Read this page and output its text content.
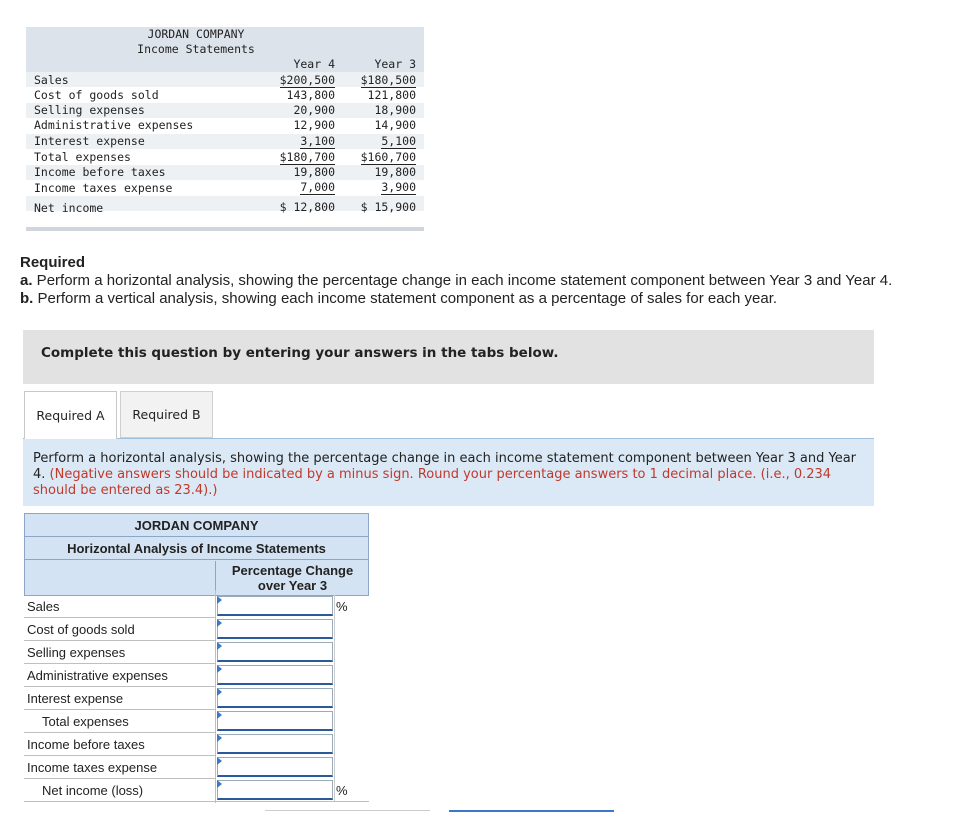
JORDAN COMPANY
Income Statements
Year 4	Year 3
Sales	$200,500 $180,500
Cost of goods sold	143,800	121,800
Selling expenses	20,900	18,900
Administrative expenses	12,900	14,900
Interest expense	3,100	5,100
Total expenses	$180,700 $160,700
Income before taxes	19,800	19,800
Income taxes expense	7,000	3,900
Net income	$ 12,800 $ 15,900
Required
a. Perform a horizontal analysis, showing the percentage change in each income statement component between Year 3 and Year 4.
b. Perform a vertical analysis, showing each income statement component as a percentage of sales for each year.
Complete this question by entering your answers in the tabs below.
Required A	Required B
Perform a horizontal analysis, showing the percentage change in each income statement component between Year 3 and Year 4. (Negative answers should be indicated by a minus sign. Round your percentage answers to 1 decimal place. (i.e., 0.234 should be entered as 23.4).)
JORDAN COMPANY
Horizontal Analysis of Income Statements
Percentage Change
over Year 3
Sales	%
Cost of goods sold
Selling expenses
Administrative expenses
Interest expense
Total expenses
Income before taxes
Income taxes expense
Net income (loss)	%
